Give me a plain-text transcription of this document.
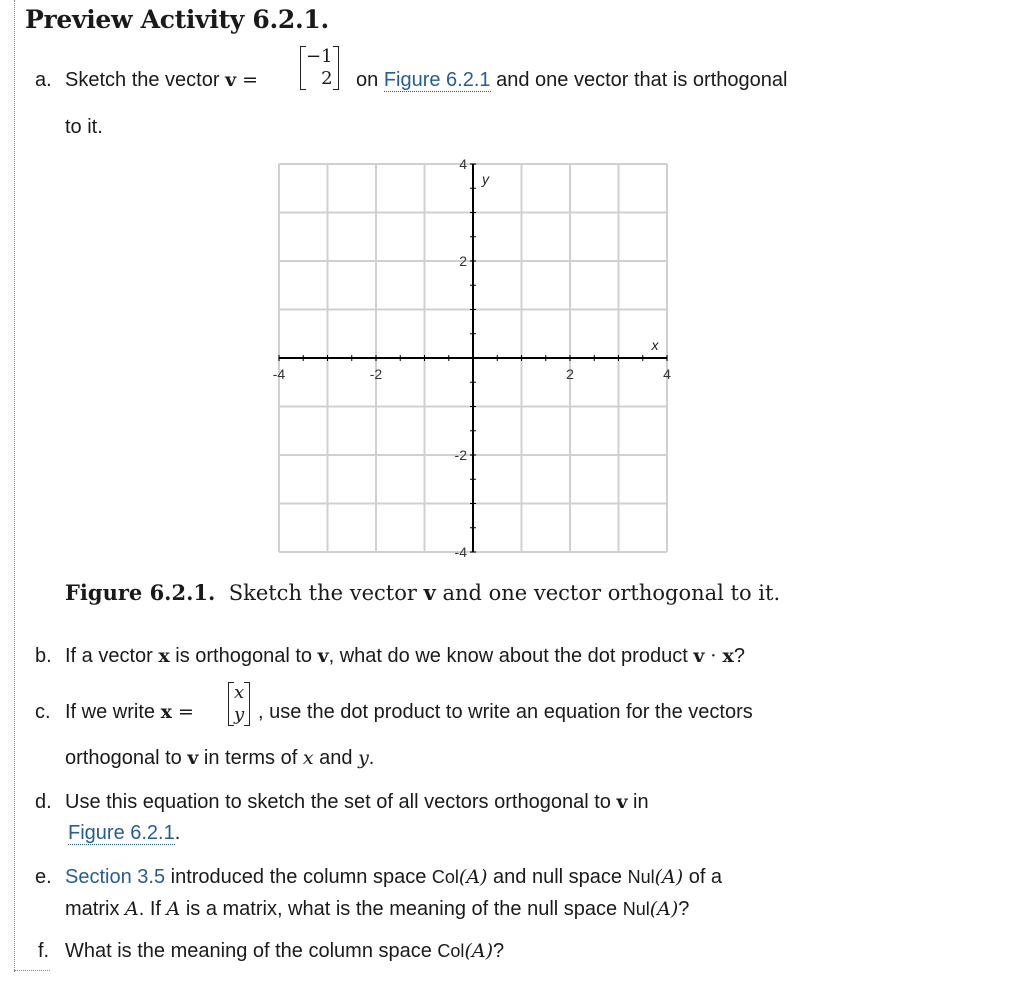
Preview Activity 6.2.1.
a. Sketch the vector v =
−1
2 on Figure 6.2.1 and one vector that is orthogonal
to it.
-4	-2	2	4
4
2
-2
-4
x
y
Figure 6.2.1. Sketch the vector v and one vector orthogonal to it.
b. If a vector x is orthogonal to v, what do we know about the dot product v · x?
c. If we write x =
x
y , use the dot product to write an equation for the vectors
orthogonal to v in terms of x and y.
d. Use this equation to sketch the set of all vectors orthogonal to v in
Figure 6.2.1.
e. Section 3.5 introduced the column space Col(A) and null space Nul(A) of a
matrix A. If A is a matrix, what is the meaning of the null space Nul(A)?
f. What is the meaning of the column space Col(A)?
